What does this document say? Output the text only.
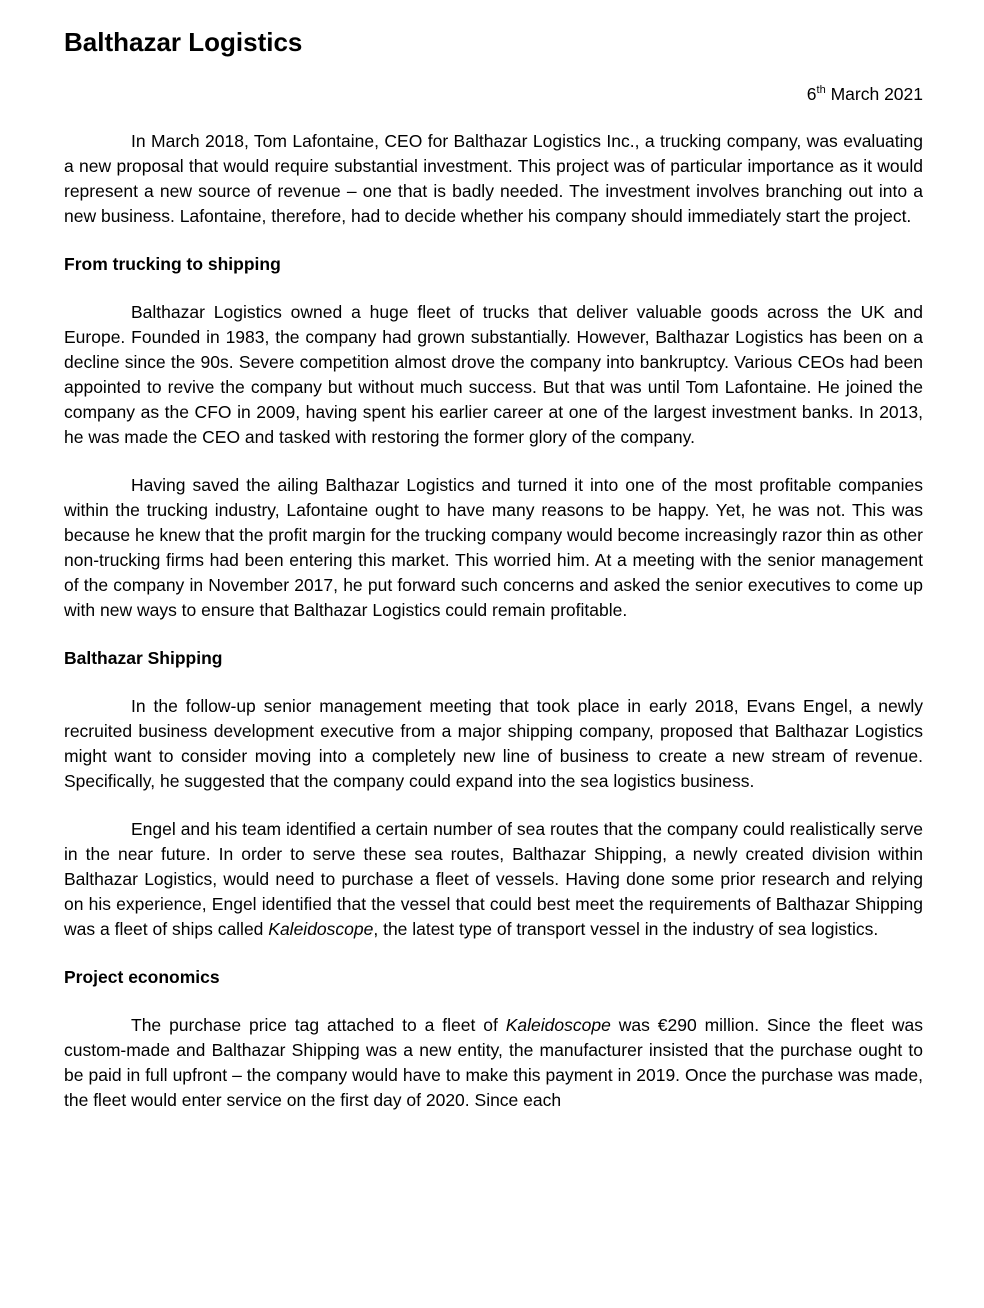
Balthazar Logistics

6th March 2021

In March 2018, Tom Lafontaine, CEO for Balthazar Logistics Inc., a trucking company, was evaluating a new proposal that would require substantial investment. This project was of particular importance as it would represent a new source of revenue – one that is badly needed. The investment involves branching out into a new business. Lafontaine, therefore, had to decide whether his company should immediately start the project.

From trucking to shipping

Balthazar Logistics owned a huge fleet of trucks that deliver valuable goods across the UK and Europe. Founded in 1983, the company had grown substantially. However, Balthazar Logistics has been on a decline since the 90s. Severe competition almost drove the company into bankruptcy. Various CEOs had been appointed to revive the company but without much success. But that was until Tom Lafontaine. He joined the company as the CFO in 2009, having spent his earlier career at one of the largest investment banks. In 2013, he was made the CEO and tasked with restoring the former glory of the company.

Having saved the ailing Balthazar Logistics and turned it into one of the most profitable companies within the trucking industry, Lafontaine ought to have many reasons to be happy. Yet, he was not. This was because he knew that the profit margin for the trucking company would become increasingly razor thin as other non-trucking firms had been entering this market. This worried him. At a meeting with the senior management of the company in November 2017, he put forward such concerns and asked the senior executives to come up with new ways to ensure that Balthazar Logistics could remain profitable.

Balthazar Shipping

In the follow-up senior management meeting that took place in early 2018, Evans Engel, a newly recruited business development executive from a major shipping company, proposed that Balthazar Logistics might want to consider moving into a completely new line of business to create a new stream of revenue. Specifically, he suggested that the company could expand into the sea logistics business.

Engel and his team identified a certain number of sea routes that the company could realistically serve in the near future. In order to serve these sea routes, Balthazar Shipping, a newly created division within Balthazar Logistics, would need to purchase a fleet of vessels. Having done some prior research and relying on his experience, Engel identified that the vessel that could best meet the requirements of Balthazar Shipping was a fleet of ships called Kaleidoscope, the latest type of transport vessel in the industry of sea logistics.

Project economics

The purchase price tag attached to a fleet of Kaleidoscope was €290 million. Since the fleet was custom-made and Balthazar Shipping was a new entity, the manufacturer insisted that the purchase ought to be paid in full upfront – the company would have to make this payment in 2019. Once the purchase was made, the fleet would enter service on the first day of 2020. Since each
